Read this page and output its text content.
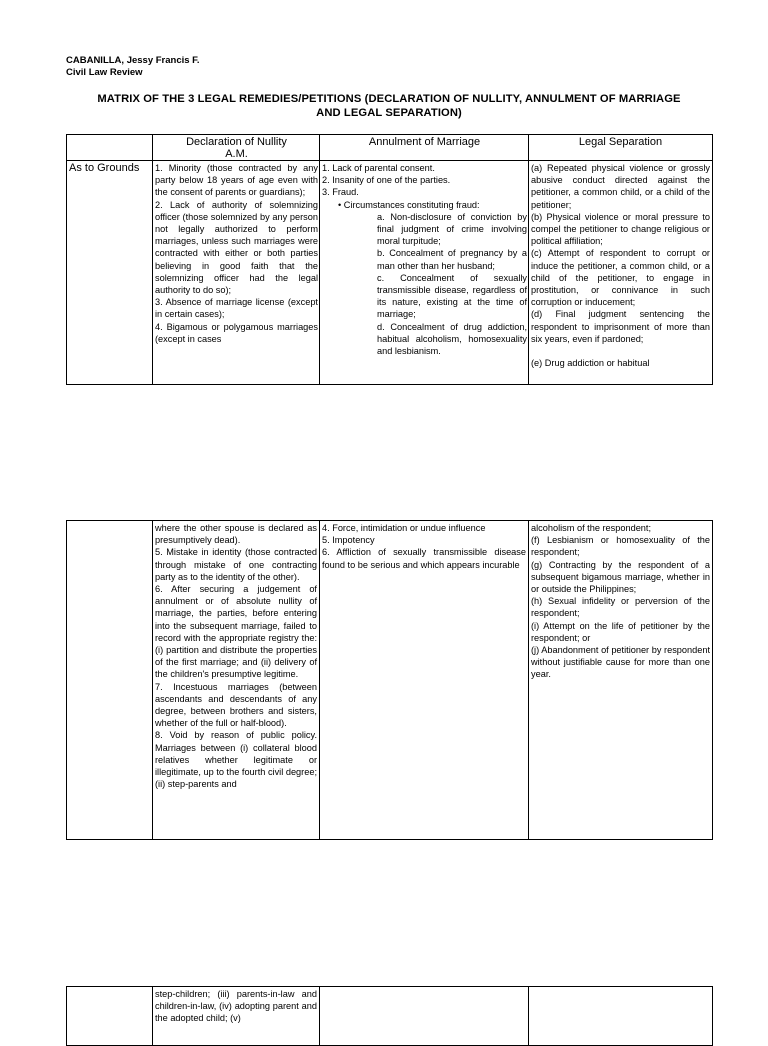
CABANILLA, Jessy Francis F.
Civil Law Review
MATRIX OF THE 3 LEGAL REMEDIES/PETITIONS (DECLARATION OF NULLITY, ANNULMENT OF MARRIAGE
AND LEGAL SEPARATION)
Declaration of Nullity
A.M.
Annulment of Marriage	Legal Separation
As to Grounds	1. Minority (those contracted by any party below 18 years of age even with the consent of parents or guardians);
2. Lack of authority of solemnizing officer (those solemnized by any person not legally authorized to perform marriages, unless such marriages were contracted with either or both parties believing in good faith that the solemnizing officer had the legal authority to do so);
3. Absence of marriage license (except in certain cases);
4. Bigamous or polygamous marriages (except in cases
1. Lack of parental consent.
2. Insanity of one of the parties.
3. Fraud.
• Circumstances constituting fraud:
a. Non-disclosure of conviction by final judgment of crime involving moral turpitude;
b. Concealment of pregnancy by a man other than her husband;
c. Concealment of sexually transmissible disease, regardless of its nature, existing at the time of marriage;
d. Concealment of drug addiction, habitual alcoholism, homosexuality and lesbianism.
(a) Repeated physical violence or grossly abusive conduct directed against the petitioner, a common child, or a child of the petitioner;
(b) Physical violence or moral pressure to compel the petitioner to change religious or political affiliation;
(c) Attempt of respondent to corrupt or induce the petitioner, a common child, or a child of the petitioner, to engage in prostitution, or connivance in such corruption or inducement;
(d) Final judgment sentencing the respondent to imprisonment of more than six years, even if pardoned;
(e) Drug addiction or habitual
where the other spouse is declared as presumptively dead).
5. Mistake in identity (those contracted through mistake of one contracting party as to the identity of the other).
6. After securing a judgement of annulment or of absolute nullity of marriage, the parties, before entering into the subsequent marriage, failed to record with the appropriate registry the: (i) partition and distribute the properties of the first marriage; and (ii) delivery of the children's presumptive legitime.
7. Incestuous marriages (between ascendants and descendants of any degree, between brothers and sisters, whether of the full or half-blood).
8. Void by reason of public policy. Marriages between (i) collateral blood relatives whether legitimate or illegitimate, up to the fourth civil degree; (ii) step-parents and
4. Force, intimidation or undue influence
5. Impotency
6. Affliction of sexually transmissible disease found to be serious and which appears incurable
alcoholism of the respondent;
(f) Lesbianism or homosexuality of the respondent;
(g) Contracting by the respondent of a subsequent bigamous marriage, whether in or outside the Philippines;
(h) Sexual infidelity or perversion of the respondent;
(i) Attempt on the life of petitioner by the respondent; or
(j) Abandonment of petitioner by respondent without justifiable cause for more than one year.
step-children; (iii) parents-in-law and children-in-law, (iv) adopting parent and the adopted child; (v)
